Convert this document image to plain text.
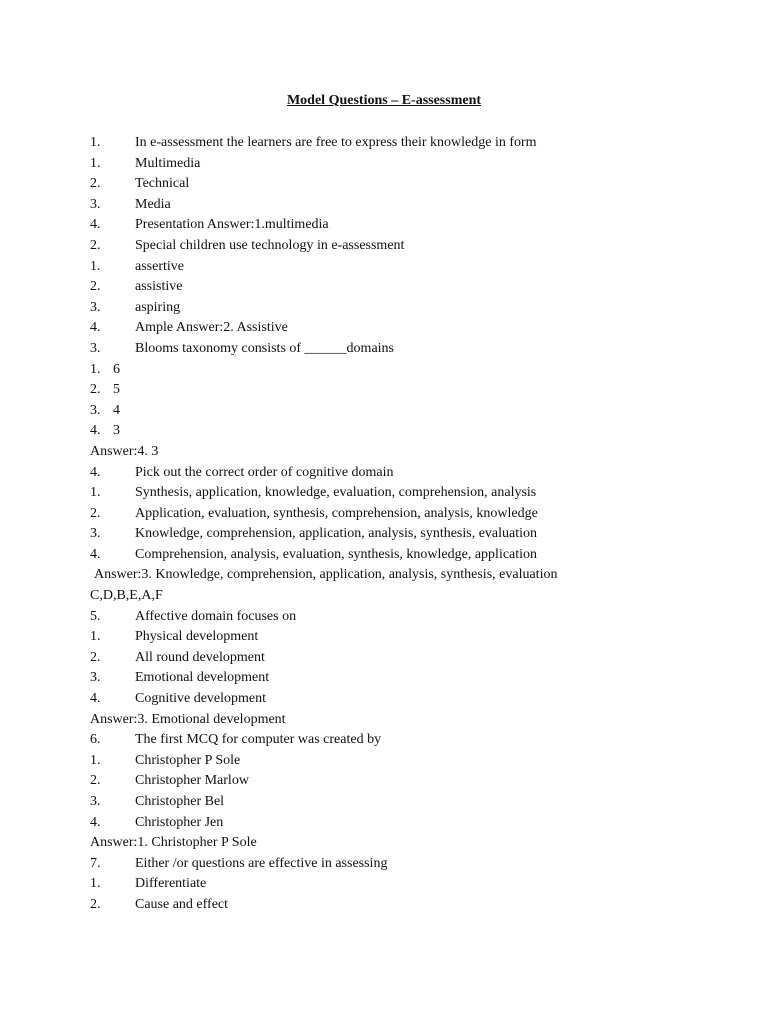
Model Questions – E-assessment
1. In e-assessment the learners are free to express their knowledge in form
1. Multimedia
2. Technical
3. Media
4. Presentation Answer:1.multimedia
2. Special children use technology in e-assessment
1. assertive
2. assistive
3. aspiring
4. Ample Answer:2. Assistive
3. Blooms taxonomy consists of ______domains
1. 6
2. 5
3. 4
4. 3
Answer:4. 3
4. Pick out the correct order of cognitive domain
1. Synthesis, application, knowledge, evaluation, comprehension, analysis
2. Application, evaluation, synthesis, comprehension, analysis, knowledge
3. Knowledge, comprehension, application, analysis, synthesis, evaluation
4. Comprehension, analysis, evaluation, synthesis, knowledge, application
Answer:3. Knowledge, comprehension, application, analysis, synthesis, evaluation
C,D,B,E,A,F
5. Affective domain focuses on
1. Physical development
2. All round development
3. Emotional development
4. Cognitive development
Answer:3. Emotional development
6. The first MCQ for computer was created by
1. Christopher P Sole
2. Christopher Marlow
3. Christopher Bel
4. Christopher Jen
Answer:1. Christopher P Sole
7. Either /or questions are effective in assessing
1. Differentiate
2. Cause and effect
